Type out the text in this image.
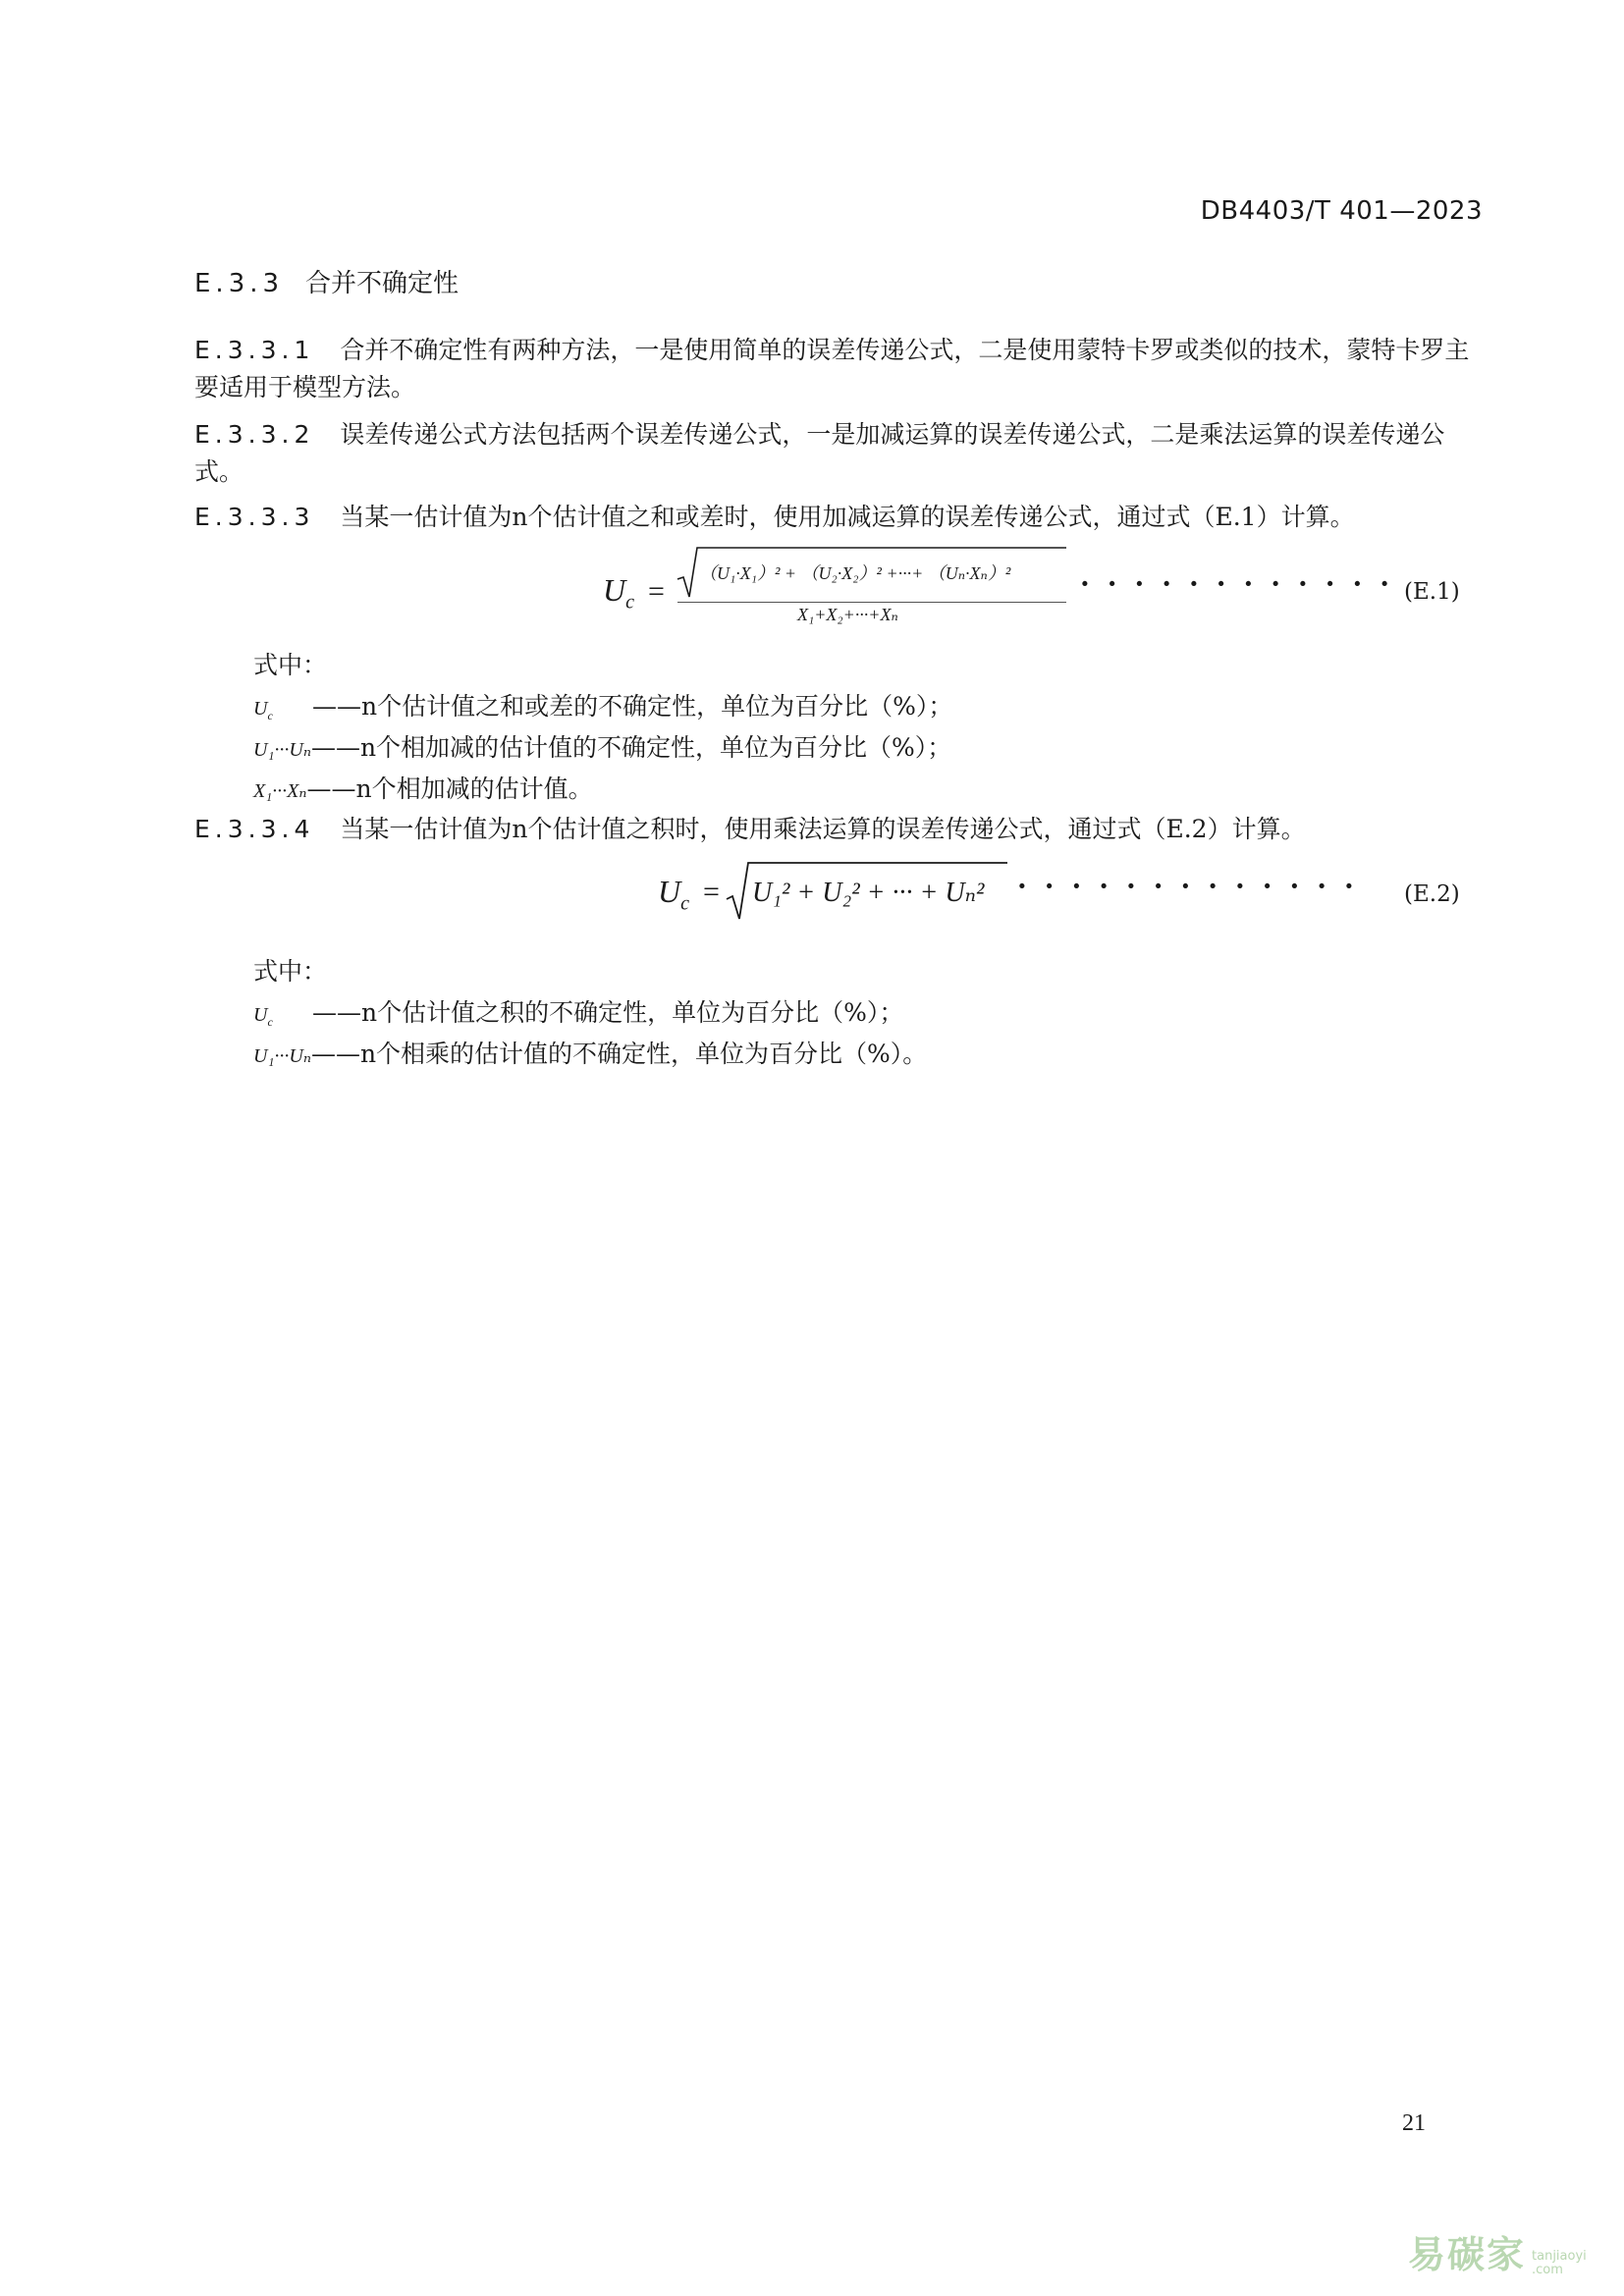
DB4403/T 401—2023
E.3.3 合并不确定性
E.3.3.1 合并不确定性有两种方法，一是使用简单的误差传递公式，二是使用蒙特卡罗或类似的技术，蒙特卡罗主要适用于模型方法。
E.3.3.2 误差传递公式方法包括两个误差传递公式，一是加减运算的误差传递公式，二是乘法运算的误差传递公式。
E.3.3.3 当某一估计值为n个估计值之和或差时，使用加减运算的误差传递公式，通过式（E.1）计算。
$U_c$ =
（U₁·X₁）² + （U₂·X₂）² +···+ （Uₙ·Xₙ）²
X₁+X₂+···+Xₙ
············
(E.1)
式中：
$U_c$ ——n个估计值之和或差的不确定性，单位为百分比（%）；
U₁···Uₙ——n个相加减的估计值的不确定性，单位为百分比（%）；
X₁···Xₙ——n个相加减的估计值。
E.3.3.4 当某一估计值为n个估计值之积时，使用乘法运算的误差传递公式，通过式（E.2）计算。
$U_c = U_1^2 + U_2^2$ + ··· + Uₙ² ············· (E.2)
式中：
$U_c$ ——n个估计值之积的不确定性，单位为百分比（%）；
U₁···Uₙ——n个相乘的估计值的不确定性，单位为百分比（%）。
21
易碳家 tanjiaoyi
.com
